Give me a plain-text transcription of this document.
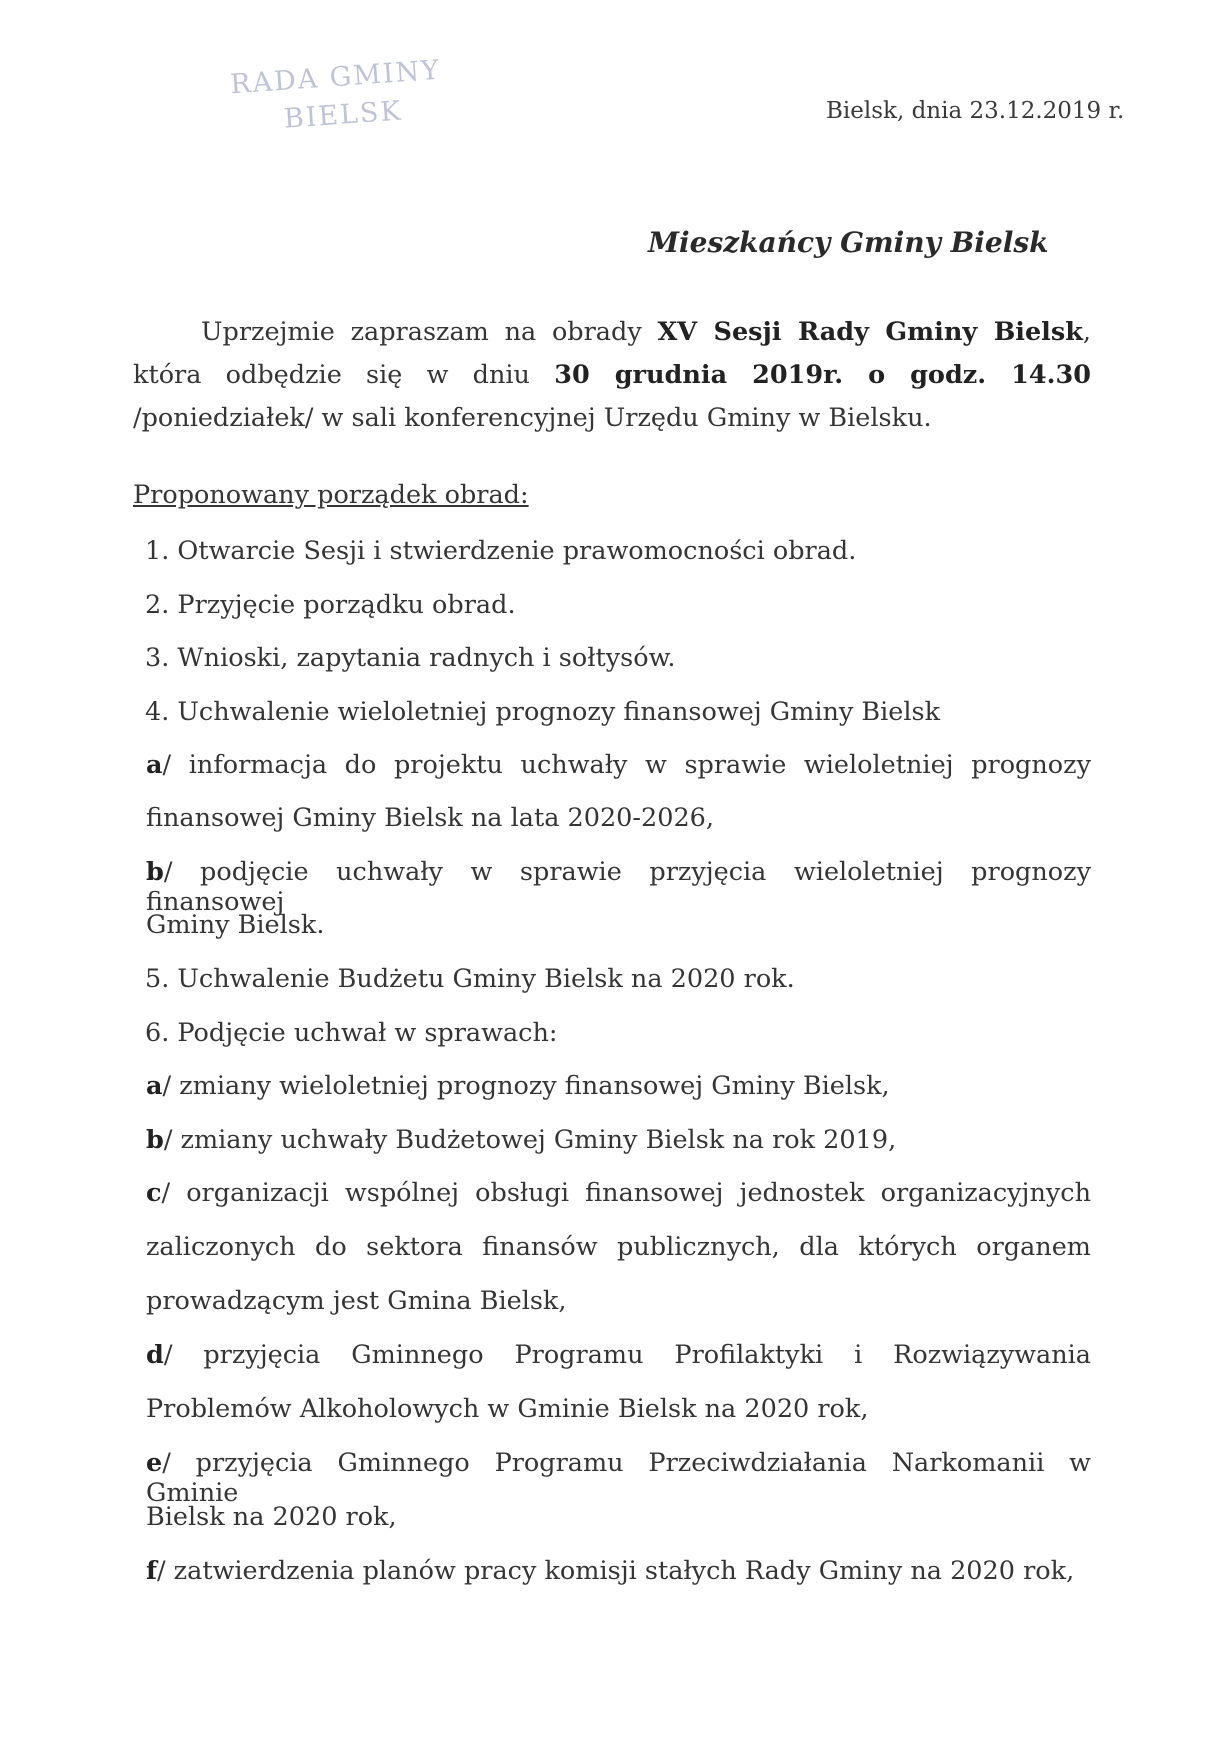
RADA GMINY
BIELSK	Bielsk, dnia 23.12.2019 r.
Mieszkańcy Gminy Bielsk

Uprzejmie zapraszam na obrady XV Sesji Rady Gminy Bielsk, która odbędzie się w dniu 30 grudnia 2019r. o godz. 14.30 /poniedziałek/ w sali konferencyjnej Urzędu Gminy w Bielsku.

Proponowany porządek obrad:
1. Otwarcie Sesji i stwierdzenie prawomocności obrad.
2. Przyjęcie porządku obrad.
3. Wnioski, zapytania radnych i sołtysów.
4. Uchwalenie wieloletniej prognozy finansowej Gminy Bielsk
a/ informacja do projektu uchwały w sprawie wieloletniej prognozy
finansowej Gminy Bielsk na lata 2020-2026,
b/ podjęcie uchwały w sprawie przyjęcia wieloletniej prognozy finansowej
Gminy Bielsk.
5. Uchwalenie Budżetu Gminy Bielsk na 2020 rok.
6. Podjęcie uchwał w sprawach:
a/ zmiany wieloletniej prognozy finansowej Gminy Bielsk,
b/ zmiany uchwały Budżetowej Gminy Bielsk na rok 2019,
c/ organizacji wspólnej obsługi finansowej jednostek organizacyjnych
zaliczonych do sektora finansów publicznych, dla których organem
prowadzącym jest Gmina Bielsk,
d/ przyjęcia Gminnego Programu Profilaktyki i Rozwiązywania
Problemów Alkoholowych w Gminie Bielsk na 2020 rok,
e/ przyjęcia Gminnego Programu Przeciwdziałania Narkomanii w Gminie
Bielsk na 2020 rok,
f/ zatwierdzenia planów pracy komisji stałych Rady Gminy na 2020 rok,
